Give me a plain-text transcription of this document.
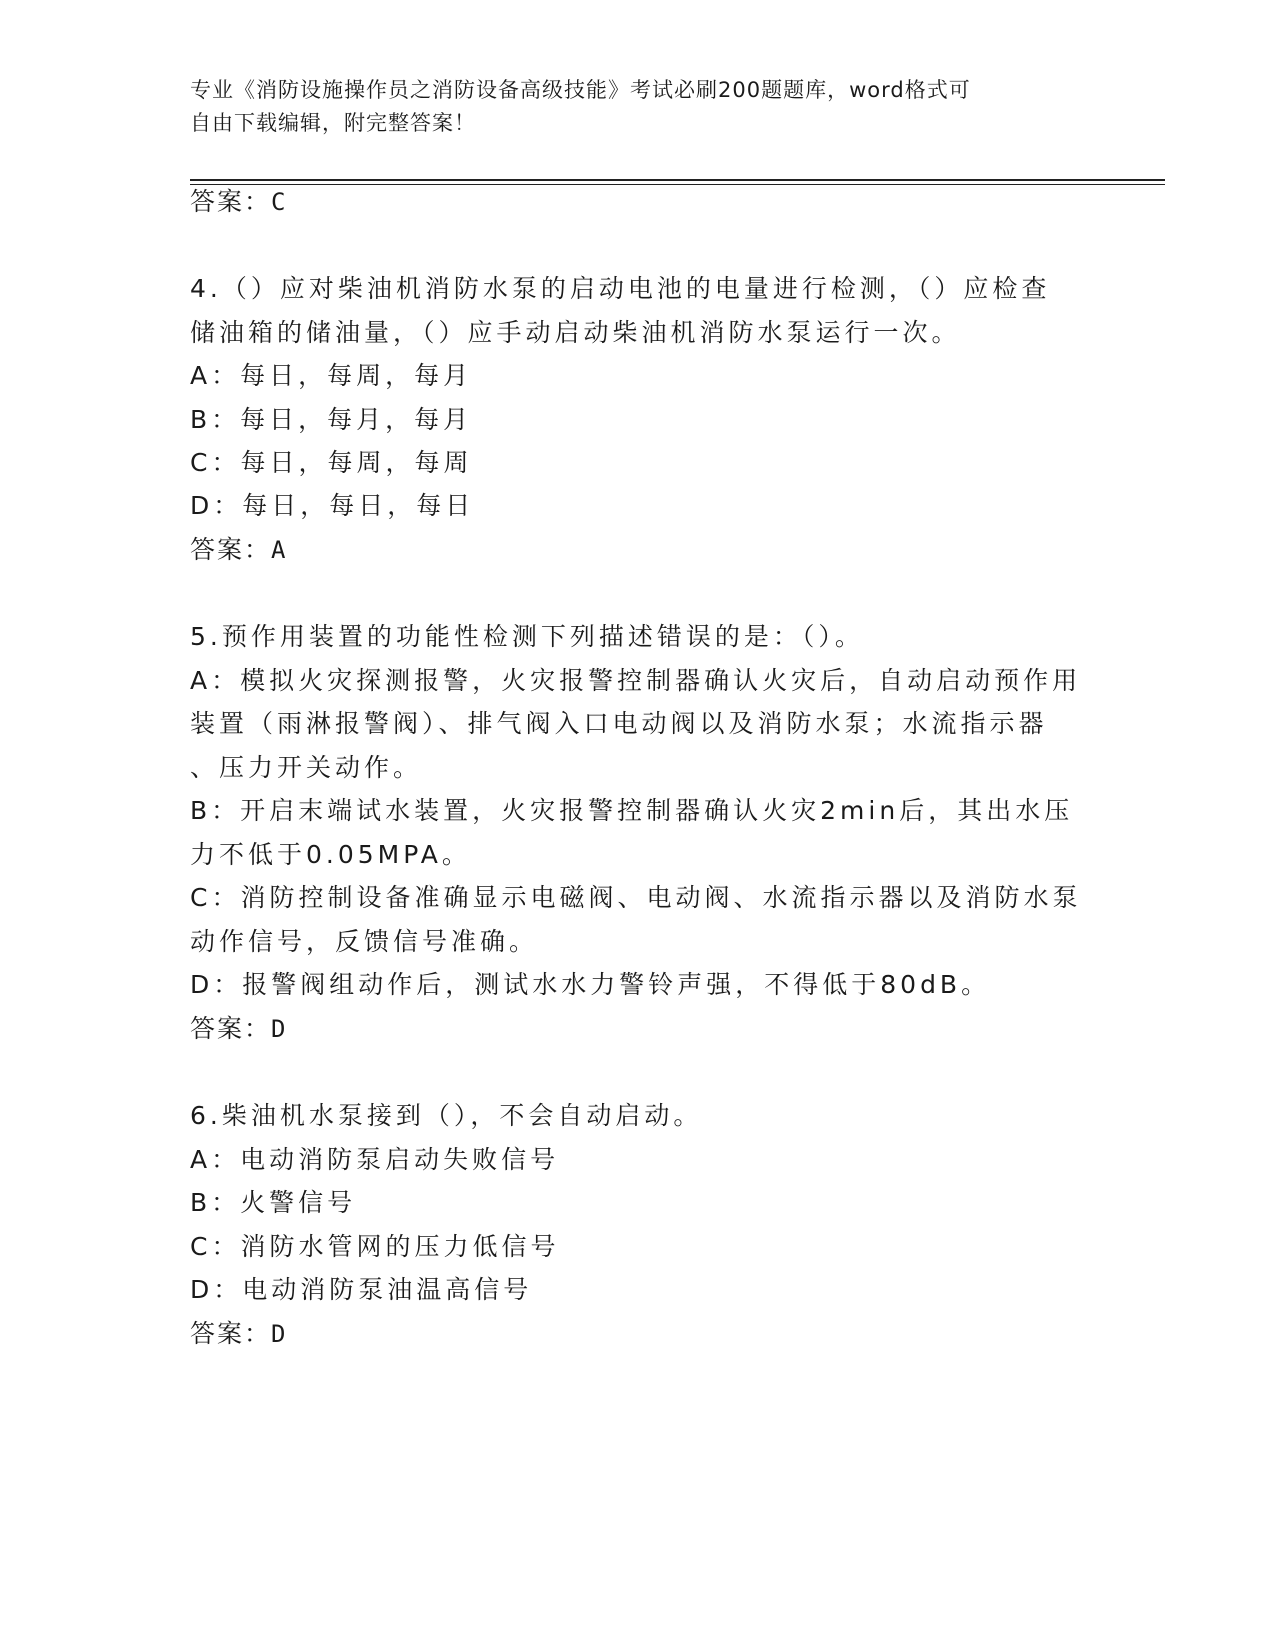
专业《消防设施操作员之消防设备高级技能》考试必刷200题题库，word格式可
自由下载编辑，附完整答案！
答案：C
4.（）应对柴油机消防水泵的启动电池的电量进行检测，（）应检查
储油箱的储油量，（）应手动启动柴油机消防水泵运行一次。
A：每日，每周，每月
B：每日，每月，每月
C：每日，每周，每周
D：每日，每日，每日
答案：A
5.预作用装置的功能性检测下列描述错误的是：（）。
A：模拟火灾探测报警，火灾报警控制器确认火灾后，自动启动预作用
装置（雨淋报警阀）、排气阀入口电动阀以及消防水泵；水流指示器
、压力开关动作。
B：开启末端试水装置，火灾报警控制器确认火灾2min后，其出水压
力不低于0.05MPA。
C：消防控制设备准确显示电磁阀、电动阀、水流指示器以及消防水泵
动作信号，反馈信号准确。
D：报警阀组动作后，测试水水力警铃声强，不得低于80dB。
答案：D
6.柴油机水泵接到（），不会自动启动。
A：电动消防泵启动失败信号
B：火警信号
C：消防水管网的压力低信号
D：电动消防泵油温高信号
答案：D
